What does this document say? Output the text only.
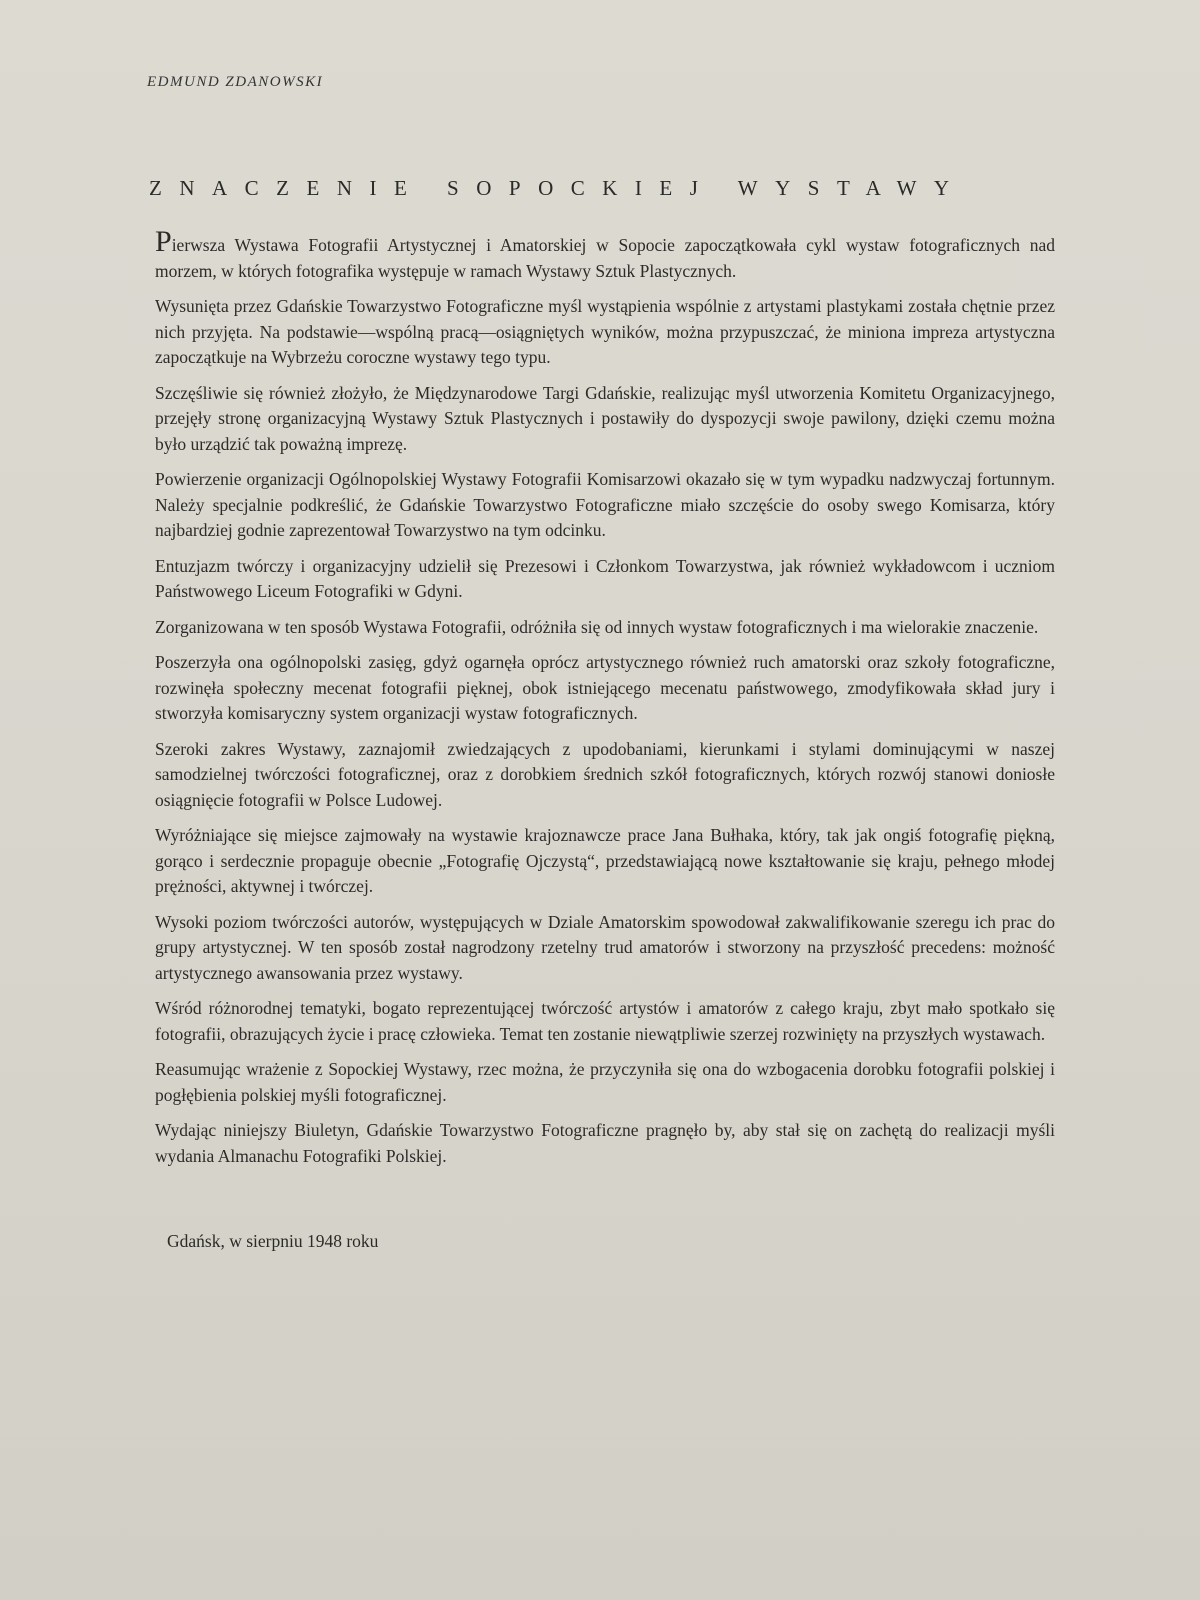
EDMUND ZDANOWSKI
ZNACZENIE SOPOCKIEJ WYSTAWY

Pierwsza Wystawa Fotografii Artystycznej i Amatorskiej w Sopocie zapoczątkowała cykl wystaw fotograficznych nad morzem, w których fotografika występuje w ramach Wystawy Sztuk Plastycznych.

Wysunięta przez Gdańskie Towarzystwo Fotograficzne myśl wystąpienia wspólnie z artystami plastykami została chętnie przez nich przyjęta. Na podstawie—wspólną pracą—osiągniętych wyników, można przypuszczać, że miniona impreza artystyczna zapoczątkuje na Wybrzeżu coroczne wystawy tego typu.

Szczęśliwie się również złożyło, że Międzynarodowe Targi Gdańskie, realizując myśl utworzenia Komitetu Organizacyjnego, przejęły stronę organizacyjną Wystawy Sztuk Plastycznych i postawiły do dyspozycji swoje pawilony, dzięki czemu można było urządzić tak poważną imprezę.

Powierzenie organizacji Ogólnopolskiej Wystawy Fotografii Komisarzowi okazało się w tym wypadku nadzwyczaj fortunnym. Należy specjalnie podkreślić, że Gdańskie Towarzystwo Fotograficzne miało szczęście do osoby swego Komisarza, który najbardziej godnie zaprezentował Towarzystwo na tym odcinku.

Entuzjazm twórczy i organizacyjny udzielił się Prezesowi i Członkom Towarzystwa, jak również wykładowcom i uczniom Państwowego Liceum Fotografiki w Gdyni.

Zorganizowana w ten sposób Wystawa Fotografii, odróżniła się od innych wystaw fotograficznych i ma wielorakie znaczenie.

Poszerzyła ona ogólnopolski zasięg, gdyż ogarnęła oprócz artystycznego również ruch amatorski oraz szkoły fotograficzne, rozwinęła społeczny mecenat fotografii pięknej, obok istniejącego mecenatu państwowego, zmodyfikowała skład jury i stworzyła komisaryczny system organizacji wystaw fotograficznych.

Szeroki zakres Wystawy, zaznajomił zwiedzających z upodobaniami, kierunkami i stylami dominującymi w naszej samodzielnej twórczości fotograficznej, oraz z dorobkiem średnich szkół fotograficznych, których rozwój stanowi doniosłe osiągnięcie fotografii w Polsce Ludowej.

Wyróżniające się miejsce zajmowały na wystawie krajoznawcze prace Jana Bułhaka, który, tak jak ongiś fotografię piękną, gorąco i serdecznie propaguje obecnie „Fotografię Ojczystą“, przedstawiającą nowe kształtowanie się kraju, pełnego młodej prężności, aktywnej i twórczej.

Wysoki poziom twórczości autorów, występujących w Dziale Amatorskim spowodował zakwalifikowanie szeregu ich prac do grupy artystycznej. W ten sposób został nagrodzony rzetelny trud amatorów i stworzony na przyszłość precedens: możność artystycznego awansowania przez wystawy.

Wśród różnorodnej tematyki, bogato reprezentującej twórczość artystów i amatorów z całego kraju, zbyt mało spotkało się fotografii, obrazujących życie i pracę człowieka. Temat ten zostanie niewątpliwie szerzej rozwinięty na przyszłych wystawach.

Reasumując wrażenie z Sopockiej Wystawy, rzec można, że przyczyniła się ona do wzbogacenia dorobku fotografii polskiej i pogłębienia polskiej myśli fotograficznej.

Wydając niniejszy Biuletyn, Gdańskie Towarzystwo Fotograficzne pragnęło by, aby stał się on zachętą do realizacji myśli wydania Almanachu Fotografiki Polskiej.

Gdańsk, w sierpniu 1948 roku
